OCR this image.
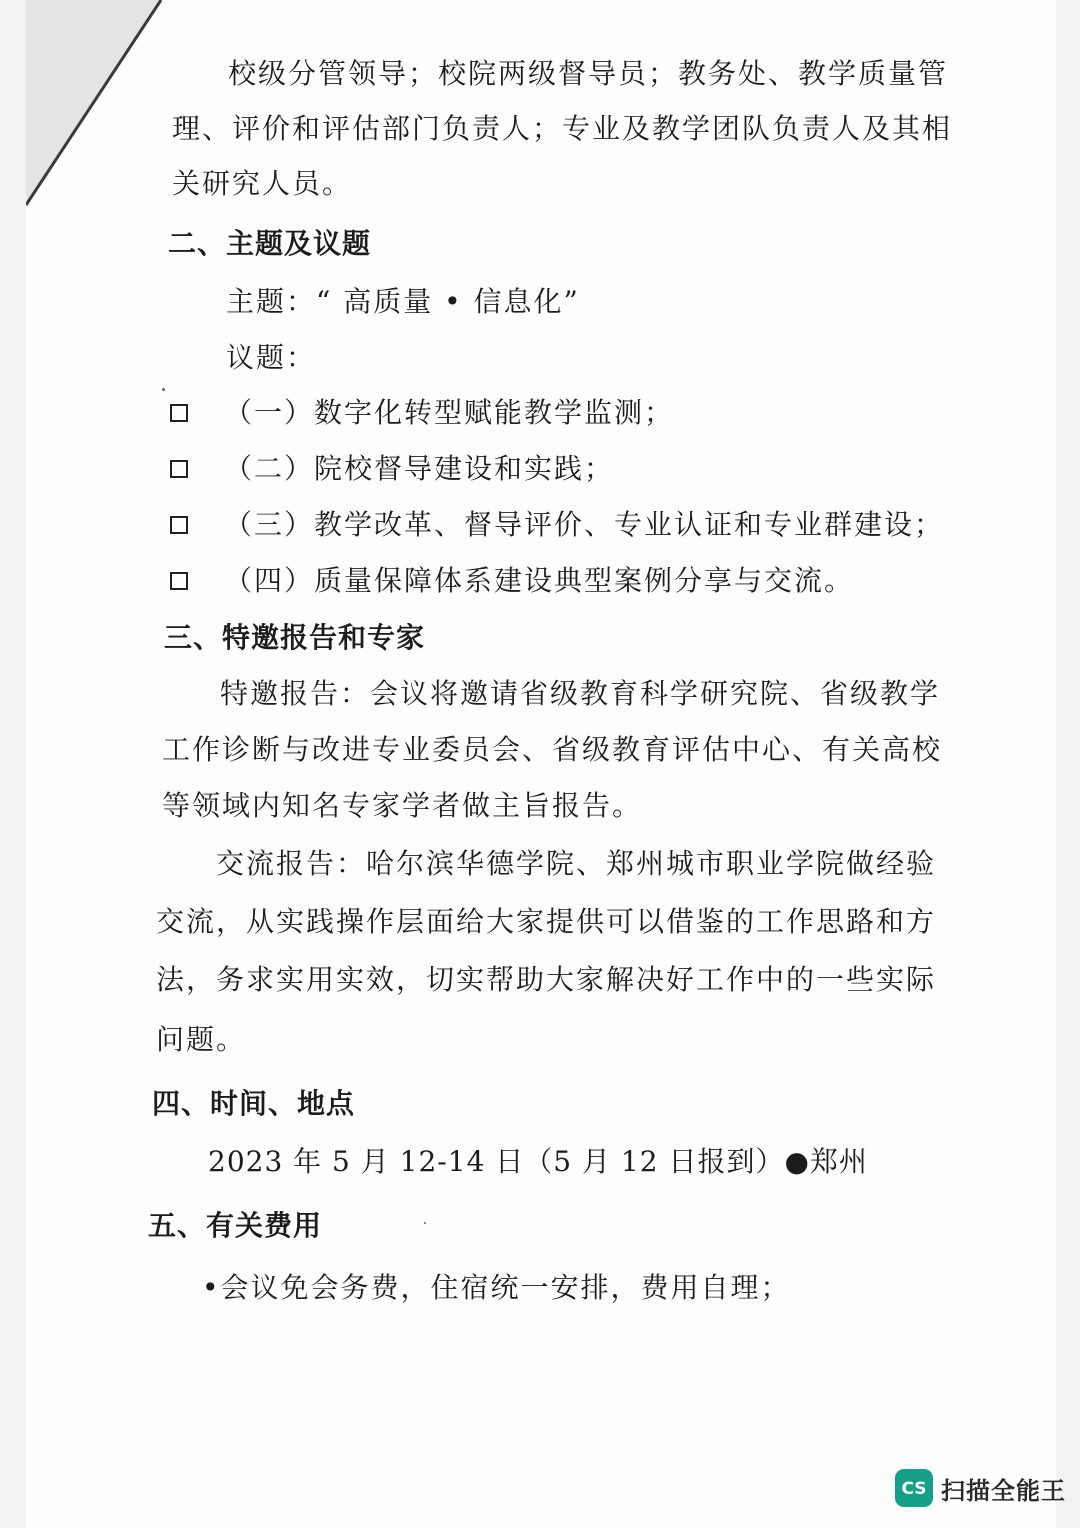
校级分管领导；校院两级督导员；教务处、教学质量管
理、评价和评估部门负责人；专业及教学团队负责人及其相
关研究人员。
二、主题及议题
主题：“ 高质量 • 信息化”
议题：
（一）数字化转型赋能教学监测；
（二）院校督导建设和实践；
（三）教学改革、督导评价、专业认证和专业群建设；
（四）质量保障体系建设典型案例分享与交流。
三、特邀报告和专家
特邀报告：会议将邀请省级教育科学研究院、省级教学
工作诊断与改进专业委员会、省级教育评估中心、有关高校
等领域内知名专家学者做主旨报告。
交流报告：哈尔滨华德学院、郑州城市职业学院做经验
交流，从实践操作层面给大家提供可以借鉴的工作思路和方
法，务求实用实效，切实帮助大家解决好工作中的一些实际
问题。
四、时间、地点
2023 年 5 月 12-14 日（5 月 12 日报到）●郑州
五、有关费用
•会议免会务费，住宿统一安排，费用自理；
CS 扫描全能王
